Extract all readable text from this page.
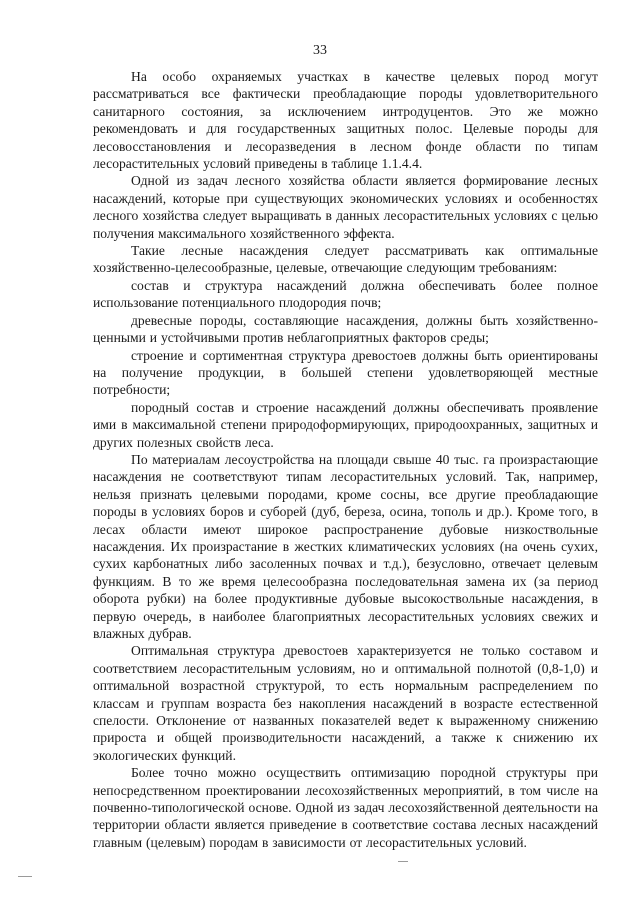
33

На особо охраняемых участках в качестве целевых пород могут рассматриваться все фактически преобладающие породы удовлетворительного санитарного состояния, за исключением интродуцентов. Это же можно рекомендовать и для государственных защитных полос. Целевые породы для лесовосстановления и лесоразведения в лесном фонде области по типам лесорастительных условий приведены в таблице 1.1.4.4.

Одной из задач лесного хозяйства области является формирование лесных насаждений, которые при существующих экономических условиях и особенностях лесного хозяйства следует выращивать в данных лесорастительных условиях с целью получения максимального хозяйственного эффекта.

Такие лесные насаждения следует рассматривать как оптимальные хозяйственно-целесообразные, целевые, отвечающие следующим требованиям:

состав и структура насаждений должна обеспечивать более полное использование потенциального плодородия почв;

древесные породы, составляющие насаждения, должны быть хозяйственно-ценными и устойчивыми против неблагоприятных факторов среды;

строение и сортиментная структура древостоев должны быть ориентированы на получение продукции, в большей степени удовлетворяющей местные потребности;

породный состав и строение насаждений должны обеспечивать проявление ими в максимальной степени природоформирующих, природоохранных, защитных и других полезных свойств леса.

По материалам лесоустройства на площади свыше 40 тыс. га произрастающие насаждения не соответствуют типам лесорастительных условий. Так, например, нельзя признать целевыми породами, кроме сосны, все другие преобладающие породы в условиях боров и суборей (дуб, береза, осина, тополь и др.). Кроме того, в лесах области имеют широкое распространение дубовые низкоствольные насаждения. Их произрастание в жестких климатических условиях (на очень сухих, сухих карбонатных либо засоленных почвах и т.д.), безусловно, отвечает целевым функциям. В то же время целесообразна последовательная замена их (за период оборота рубки) на более продуктивные дубовые высокоствольные насаждения, в первую очередь, в наиболее благоприятных лесорастительных условиях свежих и влажных дубрав.

Оптимальная структура древостоев характеризуется не только составом и соответствием лесорастительным условиям, но и оптимальной полнотой (0,8-1,0) и оптимальной возрастной структурой, то есть нормальным распределением по классам и группам возраста без накопления насаждений в возрасте естественной спелости. Отклонение от названных показателей ведет к выраженному снижению прироста и общей производительности насаждений, а также к снижению их экологических функций.

Более точно можно осуществить оптимизацию породной структуры при непосредственном проектировании лесохозяйственных мероприятий, в том числе на почвенно-типологической основе. Одной из задач лесохозяйственной деятельности на территории области является приведение в соответствие состава лесных насаждений главным (целевым) породам в зависимости от лесорастительных условий.
